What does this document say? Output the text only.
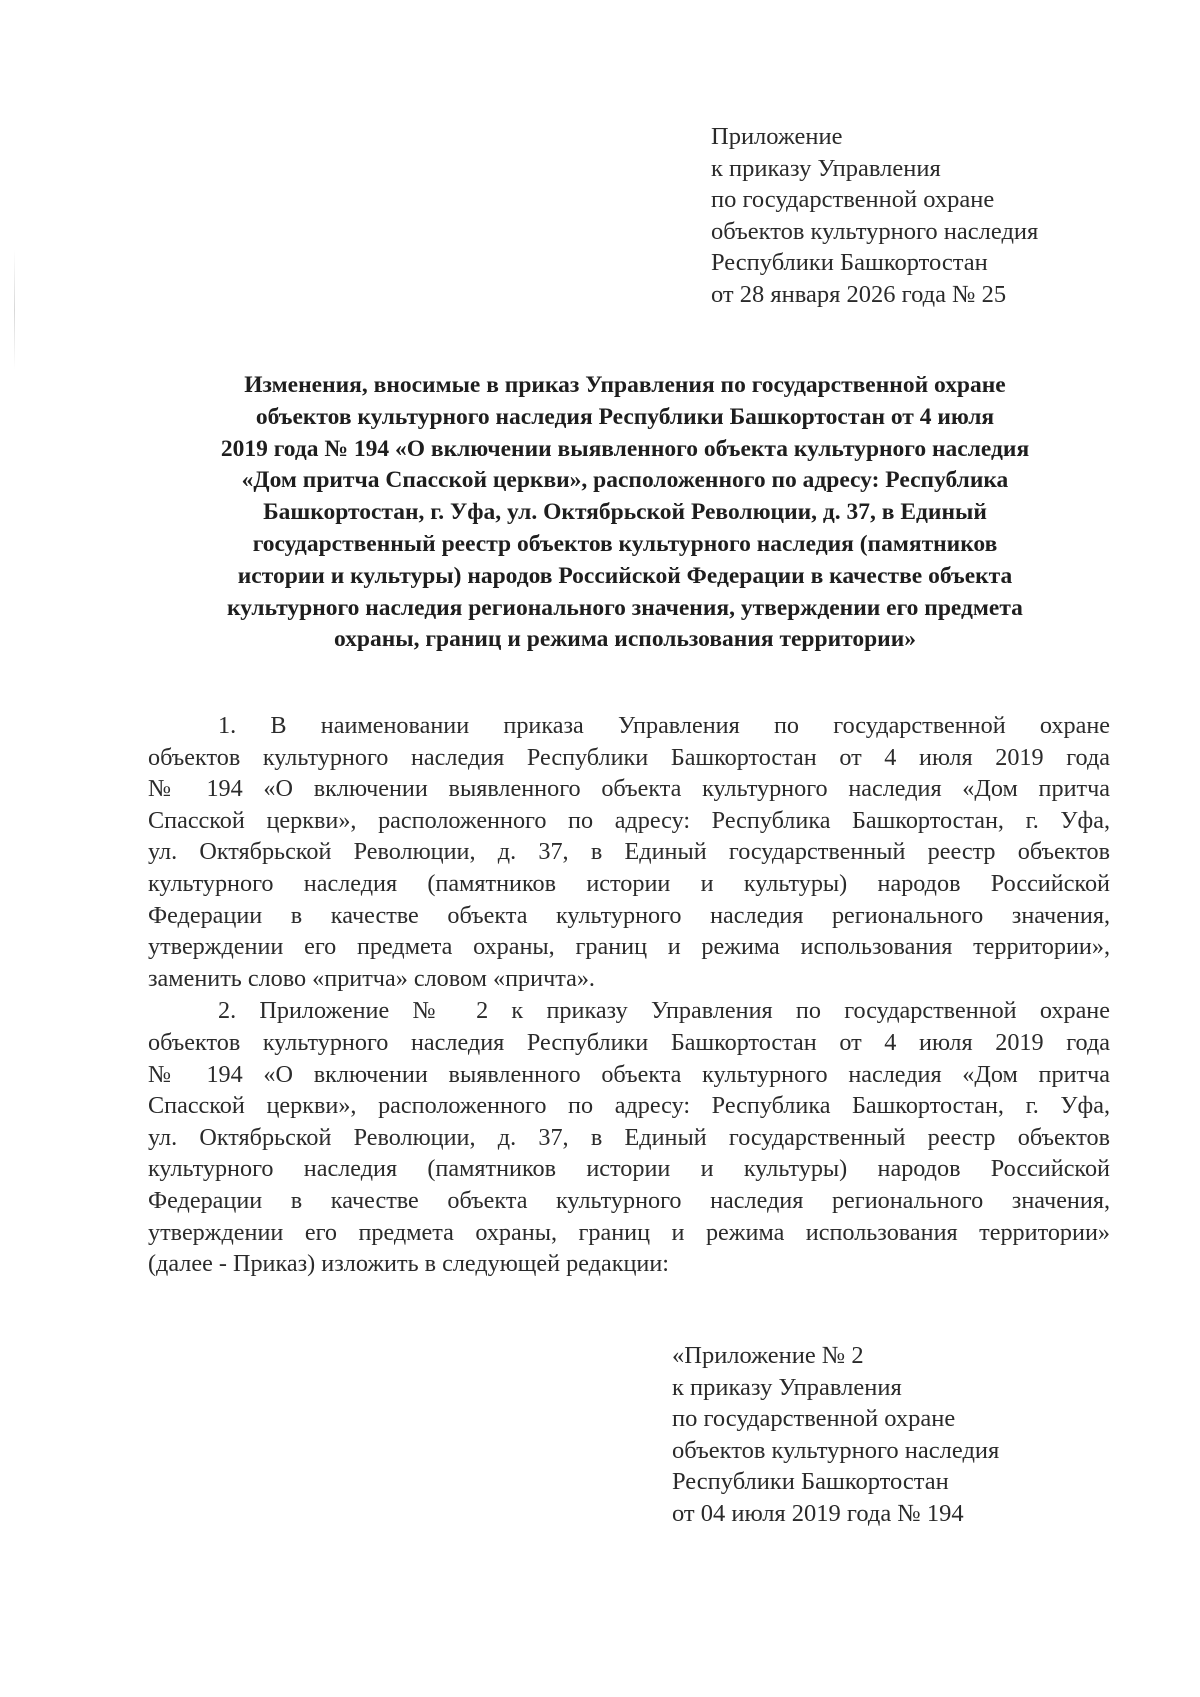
Приложение
к приказу Управления
по государственной охране
объектов культурного наследия
Республики Башкортостан
от 28 января 2026 года № 25
Изменения, вносимые в приказ Управления по государственной охране
объектов культурного наследия Республики Башкортостан от 4 июля
2019 года № 194 «О включении выявленного объекта культурного наследия
«Дом притча Спасской церкви», расположенного по адресу: Республика
Башкортостан, г. Уфа, ул. Октябрьской Революции, д. 37, в Единый
государственный реестр объектов культурного наследия (памятников
истории и культуры) народов Российской Федерации в качестве объекта
культурного наследия регионального значения, утверждении его предмета
охраны, границ и режима использования территории»
1. В наименовании приказа Управления по государственной охране
объектов культурного наследия Республики Башкортостан от 4 июля 2019 года
№ 194 «О включении выявленного объекта культурного наследия «Дом притча
Спасской церкви», расположенного по адресу: Республика Башкортостан, г. Уфа,
ул. Октябрьской Революции, д. 37, в Единый государственный реестр объектов
культурного наследия (памятников истории и культуры) народов Российской
Федерации в качестве объекта культурного наследия регионального значения,
утверждении его предмета охраны, границ и режима использования территории»,
заменить слово «притча» словом «причта».
2. Приложение № 2 к приказу Управления по государственной охране
объектов культурного наследия Республики Башкортостан от 4 июля 2019 года
№ 194 «О включении выявленного объекта культурного наследия «Дом притча
Спасской церкви», расположенного по адресу: Республика Башкортостан, г. Уфа,
ул. Октябрьской Революции, д. 37, в Единый государственный реестр объектов
культурного наследия (памятников истории и культуры) народов Российской
Федерации в качестве объекта культурного наследия регионального значения,
утверждении его предмета охраны, границ и режима использования территории»
(далее - Приказ) изложить в следующей редакции:
«Приложение № 2
к приказу Управления
по государственной охране
объектов культурного наследия
Республики Башкортостан
от 04 июля 2019 года № 194
